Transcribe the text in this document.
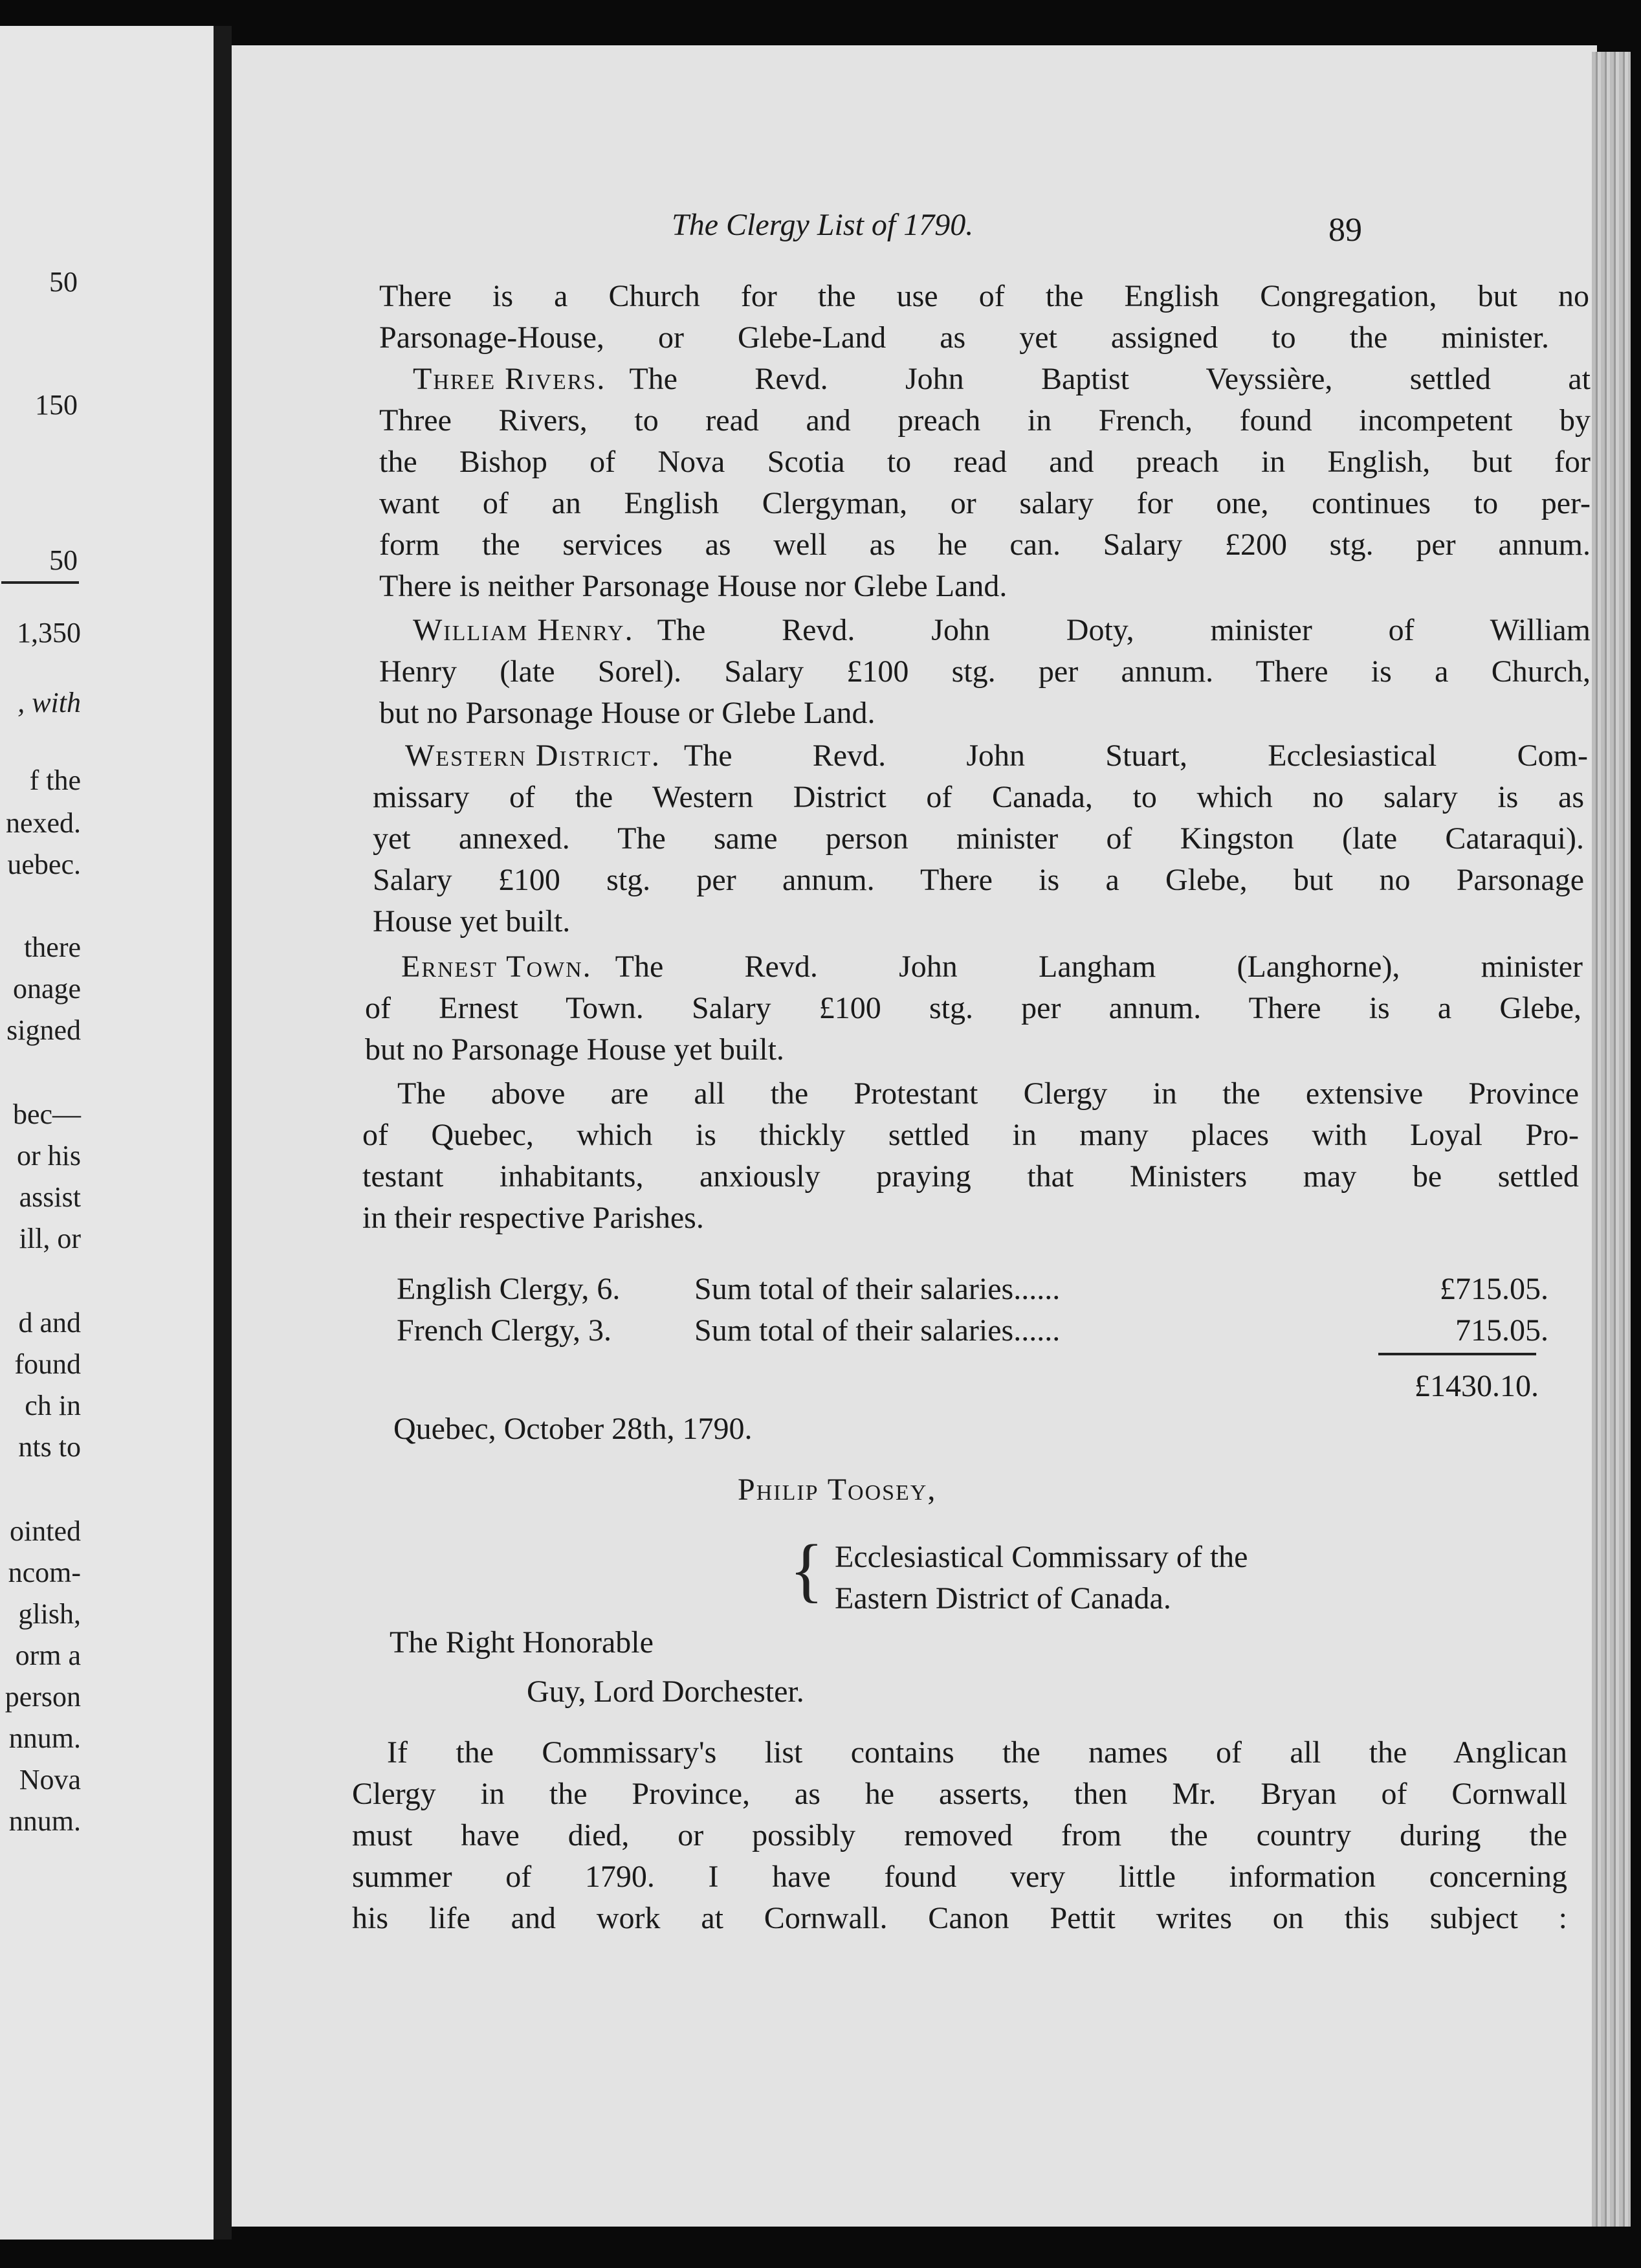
50
150
50
1,350
, with
f the
nexed.
uebec.
there
onage
signed
bec—
or his
assist
ill, or
d and
found
ch in
nts to
ointed
ncom-
glish,
orm a
person
nnum.
Nova
nnum.
The Clergy List of 1790.	89
There is a Church for the use of the English Congregation, but no
Parsonage-House, or Glebe-Land as yet assigned to the minister.
Three Rivers. The Revd. John Baptist Veyssière, settled at
Three Rivers, to read and preach in French, found incompetent by
the Bishop of Nova Scotia to read and preach in English, but for
want of an English Clergyman, or salary for one, continues to per-
form the services as well as he can. Salary £200 stg. per annum.
There is neither Parsonage House nor Glebe Land.
William Henry. The Revd. John Doty, minister of William
Henry (late Sorel). Salary £100 stg. per annum. There is a Church,
but no Parsonage House or Glebe Land.
Western District. The Revd. John Stuart, Ecclesiastical Com-
missary of the Western District of Canada, to which no salary is as
yet annexed. The same person minister of Kingston (late Cataraqui).
Salary £100 stg. per annum. There is a Glebe, but no Parsonage
House yet built.
Ernest Town. The Revd. John Langham (Langhorne), minister
of Ernest Town. Salary £100 stg. per annum. There is a Glebe,
but no Parsonage House yet built.
The above are all the Protestant Clergy in the extensive Province
of Quebec, which is thickly settled in many places with Loyal Pro-
testant inhabitants, anxiously praying that Ministers may be settled
in their respective Parishes.
English Clergy, 6. Sum total of their salaries......	£715.05.
French Clergy, 3.	Sum total of their salaries......	715.05.
£1430.10.
Quebec, October 28th, 1790.
Philip Toosey,
{ Ecclesiastical Commissary of the
Eastern District of Canada.
The Right Honorable
Guy, Lord Dorchester.
If the Commissary's list contains the names of all the Anglican
Clergy in the Province, as he asserts, then Mr. Bryan of Cornwall
must have died, or possibly removed from the country during the
summer of 1790. I have found very little information concerning
his life and work at Cornwall. Canon Pettit writes on this subject :
